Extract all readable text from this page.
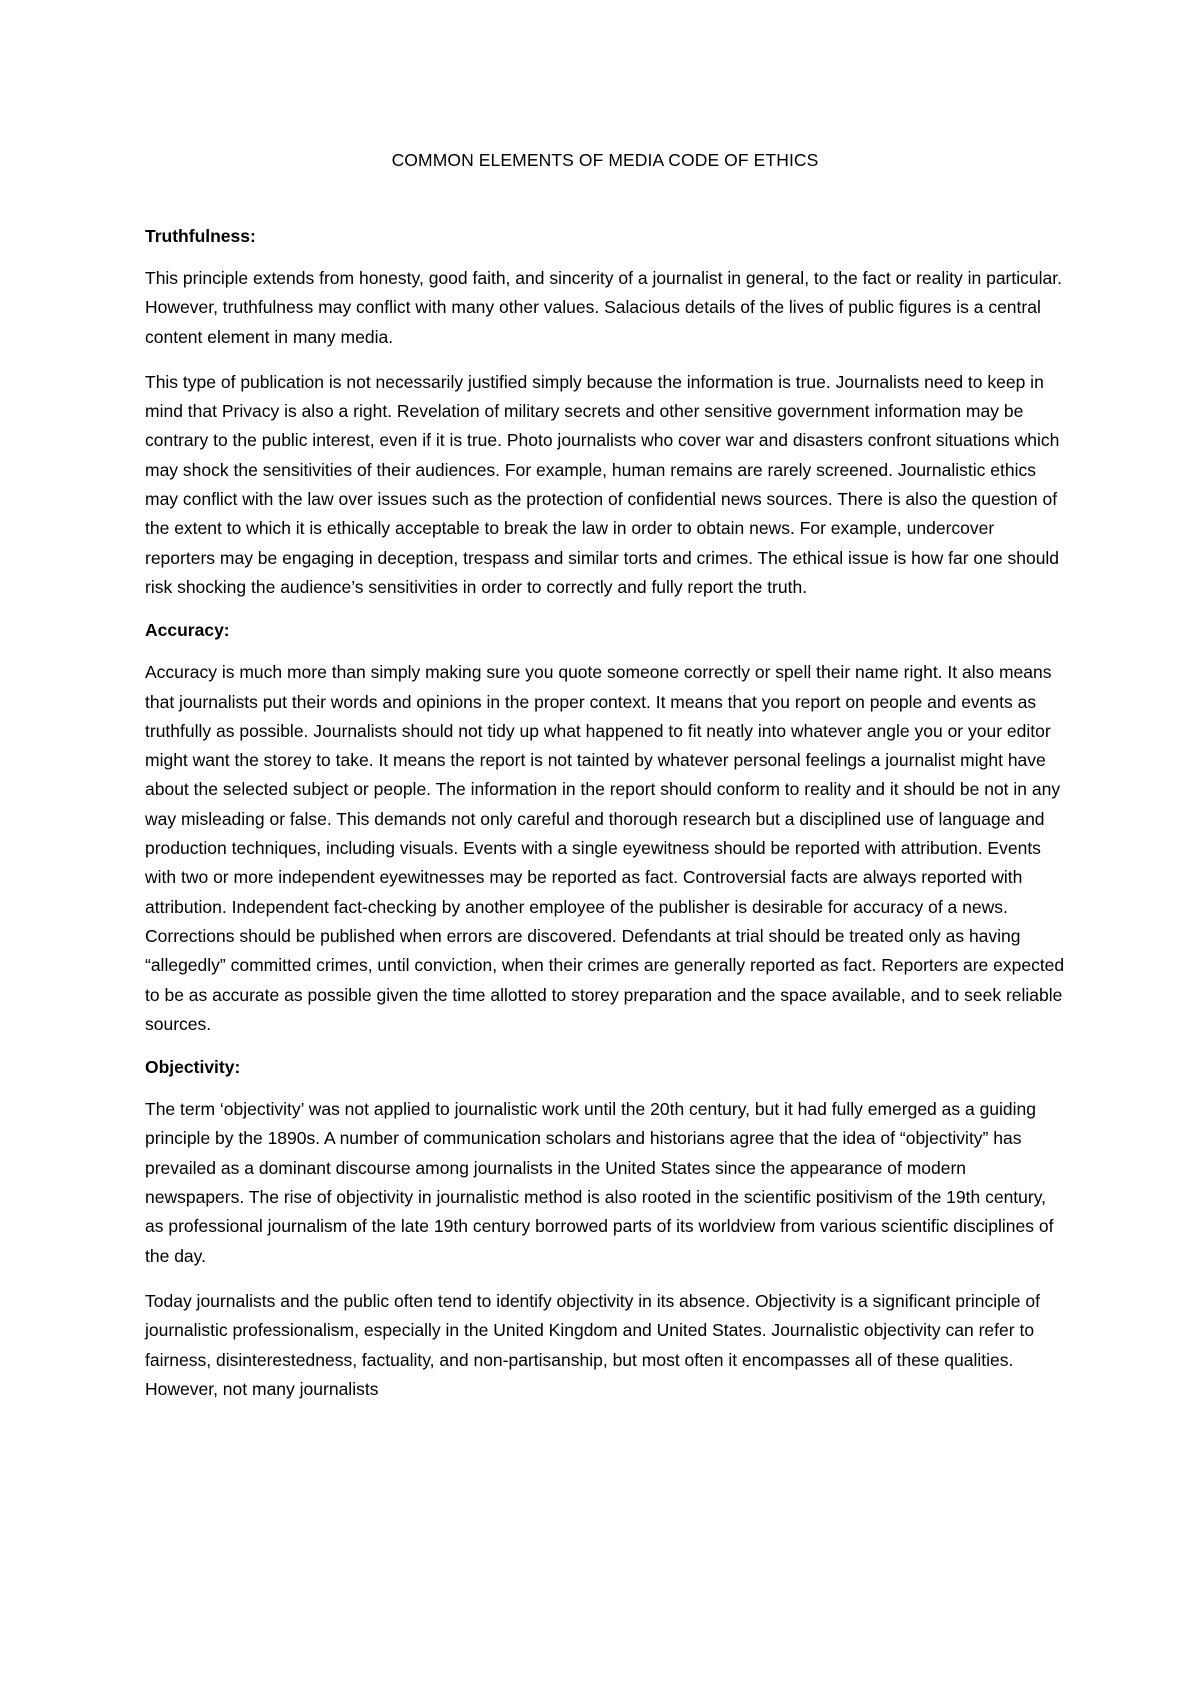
COMMON ELEMENTS OF MEDIA CODE OF ETHICS
Truthfulness:

This principle extends from honesty, good faith, and sincerity of a journalist in general, to the fact or reality in particular. However, truthfulness may conflict with many other values. Salacious details of the lives of public figures is a central content element in many media.

This type of publication is not necessarily justified simply because the information is true. Journalists need to keep in mind that Privacy is also a right. Revelation of military secrets and other sensitive government information may be contrary to the public interest, even if it is true. Photo journalists who cover war and disasters confront situations which may shock the sensitivities of their audiences. For example, human remains are rarely screened. Journalistic ethics may conflict with the law over issues such as the protection of confidential news sources. There is also the question of the extent to which it is ethically acceptable to break the law in order to obtain news. For example, undercover reporters may be engaging in deception, trespass and similar torts and crimes. The ethical issue is how far one should risk shocking the audience’s sensitivities in order to correctly and fully report the truth.

Accuracy:

Accuracy is much more than simply making sure you quote someone correctly or spell their name right. It also means that journalists put their words and opinions in the proper context. It means that you report on people and events as truthfully as possible. Journalists should not tidy up what happened to fit neatly into whatever angle you or your editor might want the storey to take. It means the report is not tainted by whatever personal feelings a journalist might have about the selected subject or people. The information in the report should conform to reality and it should be not in any way misleading or false. This demands not only careful and thorough research but a disciplined use of language and production techniques, including visuals. Events with a single eyewitness should be reported with attribution. Events with two or more independent eyewitnesses may be reported as fact. Controversial facts are always reported with attribution. Independent fact-checking by another employee of the publisher is desirable for accuracy of a news. Corrections should be published when errors are discovered. Defendants at trial should be treated only as having “allegedly” committed crimes, until conviction, when their crimes are generally reported as fact. Reporters are expected to be as accurate as possible given the time allotted to storey preparation and the space available, and to seek reliable sources.

Objectivity:

The term ‘objectivity’ was not applied to journalistic work until the 20th century, but it had fully emerged as a guiding principle by the 1890s. A number of communication scholars and historians agree that the idea of “objectivity” has prevailed as a dominant discourse among journalists in the United States since the appearance of modern newspapers. The rise of objectivity in journalistic method is also rooted in the scientific positivism of the 19th century, as professional journalism of the late 19th century borrowed parts of its worldview from various scientific disciplines of the day.

Today journalists and the public often tend to identify objectivity in its absence. Objectivity is a significant principle of journalistic professionalism, especially in the United Kingdom and United States. Journalistic objectivity can refer to fairness, disinterestedness, factuality, and non-partisanship, but most often it encompasses all of these qualities. However, not many journalists
